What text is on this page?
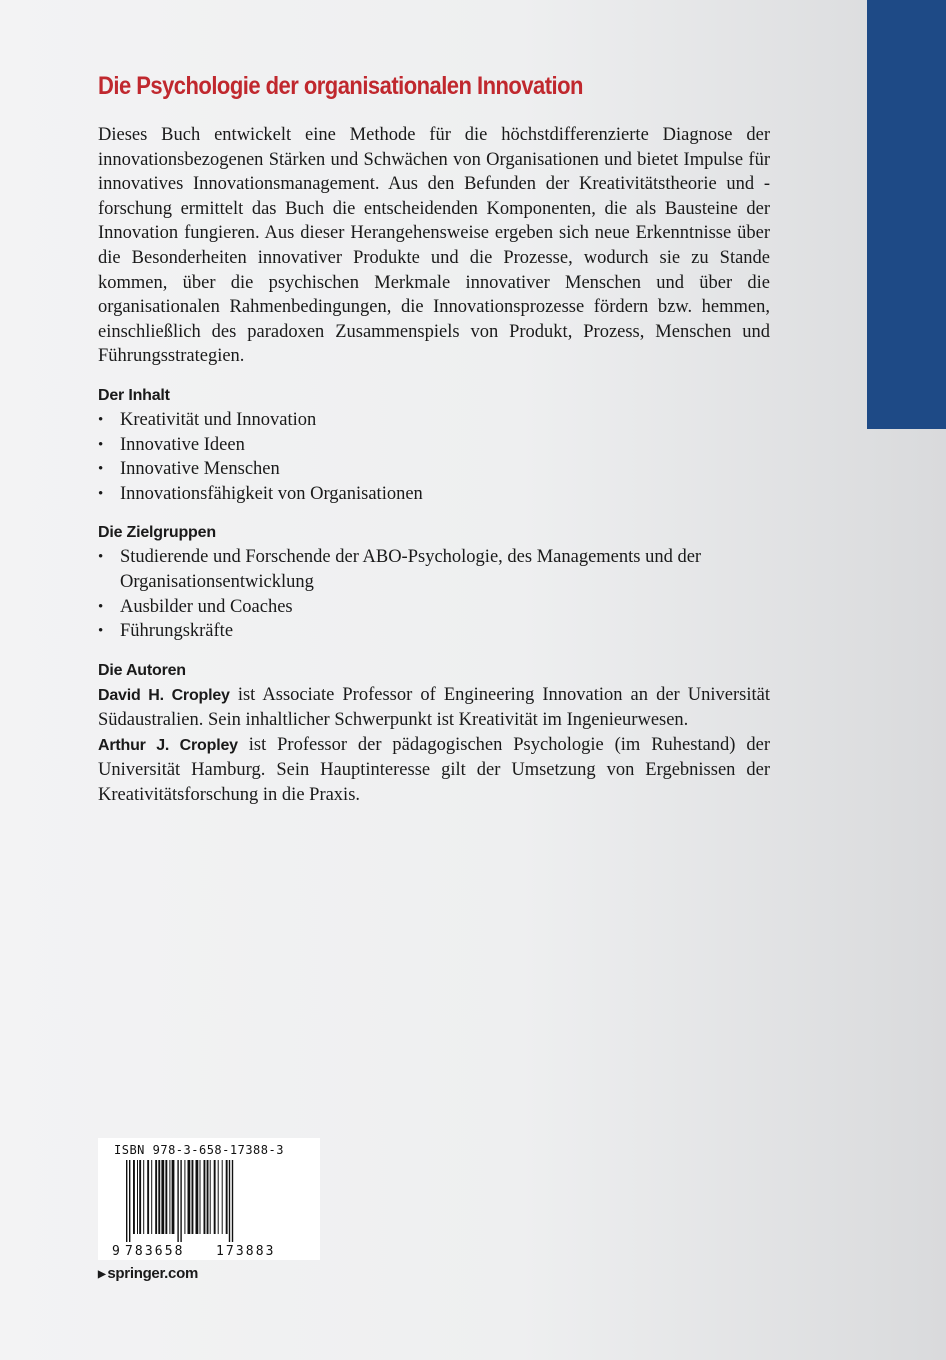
Die Psychologie der organisationalen Innovation

Dieses Buch entwickelt eine Methode für die höchstdifferenzierte Diagnose der innovationsbezogenen Stärken und Schwächen von Organisationen und bietet Impulse für innovatives Innovationsmanagement. Aus den Befunden der Kreativitätstheorie und -forschung ermittelt das Buch die entscheidenden Komponenten, die als Bausteine der Innovation fungieren. Aus dieser Herangehensweise ergeben sich neue Erkenntnisse über die Besonderheiten innovativer Produkte und die Prozesse, wodurch sie zu Stande kommen, über die psychischen Merkmale innovativer Menschen und über die organisationalen Rahmenbedingungen, die Innovationsprozesse fördern bzw. hemmen, einschließlich des paradoxen Zusammenspiels von Produkt, Prozess, Menschen und Führungsstrategien.

Der Inhalt
• Kreativität und Innovation
• Innovative Ideen
• Innovative Menschen
• Innovationsfähigkeit von Organisationen
Die Zielgruppen
• Studierende und Forschende der ABO-Psychologie, des Managements und der Organisationsentwicklung
• Ausbilder und Coaches
• Führungskräfte
Die Autoren

David H. Cropley ist Associate Professor of Engineering Innovation an der Universität Südaustralien. Sein inhaltlicher Schwerpunkt ist Kreativität im Ingenieurwesen.

Arthur J. Cropley ist Professor der pädagogischen Psychologie (im Ruhestand) der Universität Hamburg. Sein Hauptinteresse gilt der Umsetzung von Ergebnissen der Kreativitätsforschung in die Praxis.

ISBN 978-3-658-17388-3
9 783658 173883
▶ springer.com
